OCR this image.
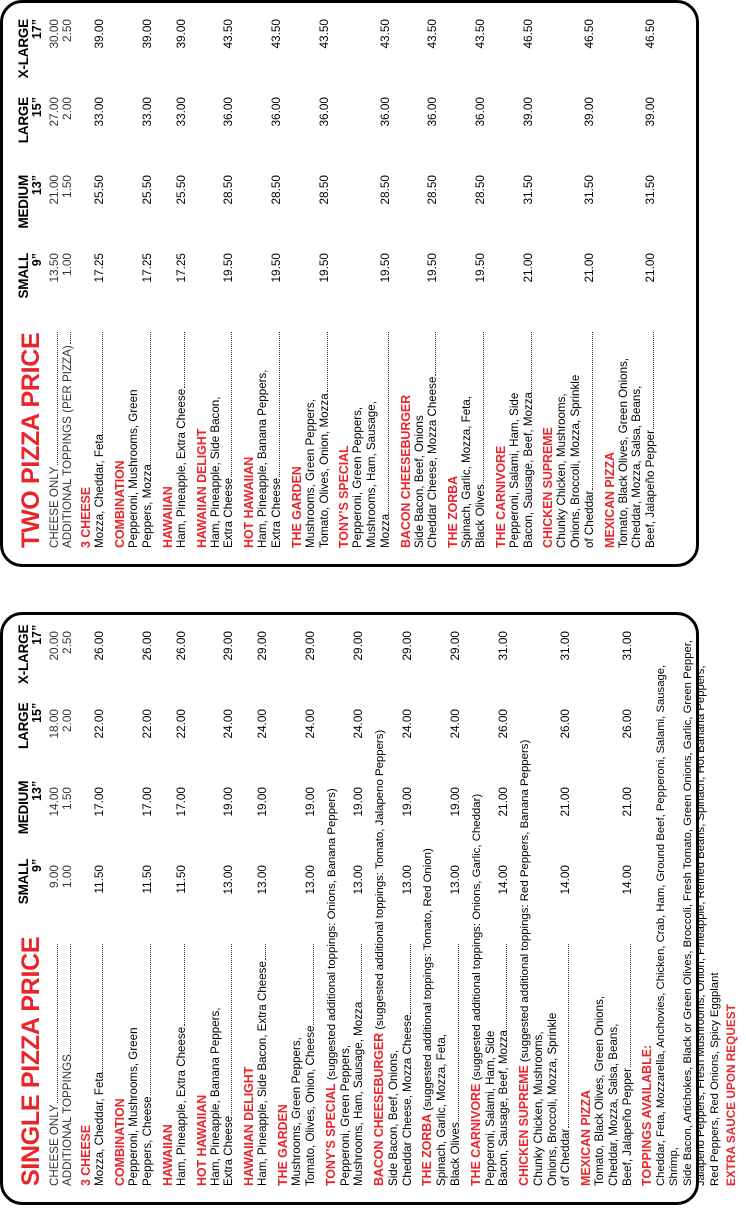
TWO PIZZA PRICE
SMALL
9”
MEDIUM
13”
LARGE
15”
X-LARGE
17”
CHEESE ONLY
13.50
21.00
27.00
30.00
ADDITIONAL TOPPINGS (PER PIZZA)
1.00
1.50
2.00
2.50
3 CHEESE Mozza, Cheddar, Feta
17.25
25.50
33.00
39.00
COMBINATION Pepperoni, Mushrooms, Green Peppers, Mozza
17.25
25.50
33.00
39.00
HAWAIIAN Ham, Pineapple, Extra Cheese
17.25
25.50
33.00
39.00
HAWAIIAN DELIGHT Ham, Pineapple, Side Bacon, Extra Cheese
19.50
28.50
36.00
43.50
HOT HAWAIIAN Ham, Pineapple, Banana Peppers, Extra Cheese
19.50
28.50
36.00
43.50
THE GARDEN Mushrooms, Green Peppers, Tomato, Olives, Onion, Mozza
19.50
28.50
36.00
43.50
TONY’S SPECIAL Pepperoni, Green Peppers, Mushrooms, Ham, Sausage, Mozza
19.50
28.50
36.00
43.50
BACON CHEESEBURGER Side Bacon, Beef, Onions Cheddar Cheese, Mozza Cheese
19.50
28.50
36.00
43.50
THE ZORBA Spinach, Garlic, Mozza, Feta, Black Olives
19.50
28.50
36.00
43.50
THE CARNIVORE Pepperoni, Salami, Ham, Side Bacon, Sausage, Beef, Mozza
21.00
31.50
39.00
46.50
CHICKEN SUPREME Chunky Chicken, Mushrooms, Onions, Broccoli, Mozza, Sprinkle of Cheddar
21.00
31.50
39.00
46.50
MEXICAN PIZZA Tomato, Black Olives, Green Onions, Cheddar, Mozza, Salsa, Beans, Beef, Jalapeño Pepper
21.00
31.50
39.00
46.50
SINGLE PIZZA PRICE
SMALL
9”
MEDIUM
13”
LARGE
15”
X-LARGE
17”
CHEESE ONLY
9.00
14.00
18.00
20.00
ADDITIONAL TOPPINGS
1.00
1.50
2.00
2.50
3 CHEESE Mozza, Cheddar, Feta
11.50
17.00
22.00
26.00
COMBINATION Pepperoni, Mushrooms, Green Peppers, Cheese
11.50
17.00
22.00
26.00
HAWAIIAN Ham, Pineapple, Extra Cheese
11.50
17.00
22.00
26.00
HOT HAWAIIAN Ham, Pineapple, Banana Peppers, Extra Cheese
13.00
19.00
24.00
29.00
HAWAIIAN DELIGHT Ham, Pineapple, Side Bacon, Extra Cheese
13.00
19.00
24.00
29.00
THE GARDEN Mushrooms, Green Peppers, Tomato, Olives, Onion, Cheese
13.00
19.00
24.00
29.00
TONY’S SPECIAL (suggested additional toppings: Onions, Banana Peppers)
Pepperoni, Green Peppers, Mushrooms, Ham, Sausage, Mozza
13.00
19.00
24.00
29.00
BACON CHEESEBURGER (suggested additional toppings: Tomato, Jalapeno Peppers)
Side Bacon, Beef, Onions, Cheddar Cheese, Mozza Cheese
13.00
19.00
24.00
29.00
THE ZORBA (suggested additional toppings: Tomato, Red Onion) Spinach, Garlic, Mozza, Feta, Black Olives
13.00
19.00
24.00
29.00
THE CARNIVORE (suggested additional toppings: Onions, Garlic, Cheddar)
Pepperoni, Salami, Ham, Side Bacon, Sausage, Beef, Mozza
14.00
21.00
26.00
31.00
CHICKEN SUPREME (suggested additional toppings: Red Peppers, Banana Peppers)
Chunky Chicken, Mushrooms, Onions, Broccoli, Mozza, Sprinkle of Cheddar
14.00
21.00
26.00
31.00
MEXICAN PIZZA Tomato, Black Olives, Green Onions, Cheddar, Mozza, Salsa, Beans, Beef, Jalapeño Pepper
14.00
21.00
26.00
31.00
TOPPINGS AVAILABLE: Cheddar, Feta, Mozzarella, Anchovies, Chicken, Crab, Ham, Ground Beef, Pepperoni, Salami, Sausage, Shrimp, Side Bacon, Artichokes, Black or Green Olives, Broccoli, Fresh Tomato, Green Onions, Garlic, Green Pepper, Jalapeño Peppers, Fresh Mushrooms, Onion, Pineapple, Refried Beans, Spinach, Hot Banana Peppers, Red Peppers, Red Onions, Spicy Eggplant EXTRA SAUCE UPON REQUEST
